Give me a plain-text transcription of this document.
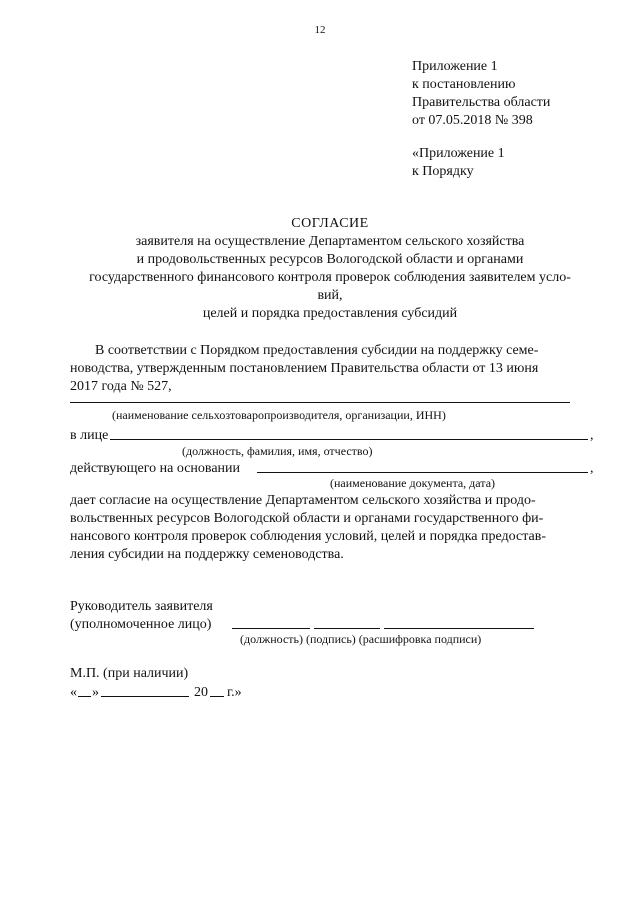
12
Приложение 1
к постановлению
Правительства области
от 07.05.2018 № 398
«Приложение 1
к Порядку
СОГЛАСИЕ
заявителя на осуществление Департаментом сельского хозяйства
и продовольственных ресурсов Вологодской области и органами
государственного финансового контроля проверок соблюдения заявителем усло-
вий,
целей и порядка предоставления субсидий
В соответствии с Порядком предоставления субсидии на поддержку семе-
новодства, утвержденным постановлением Правительства области от 13 июня
2017 года № 527,
(наименование сельхозтоваропроизводителя, организации, ИНН)
в лице	,
(должность, фамилия, имя, отчество)
действующего на основании	,
(наименование документа, дата)
дает согласие на осуществление Департаментом сельского хозяйства и продо-
вольственных ресурсов Вологодской области и органами государственного фи-
нансового контроля проверок соблюдения условий, целей и порядка предостав-
ления субсидии на поддержку семеноводства.
Руководитель заявителя
(уполномоченное лицо)
(должность) (подпись) (расшифровка подписи)
М.П. (при наличии)
« »	20 г.»
